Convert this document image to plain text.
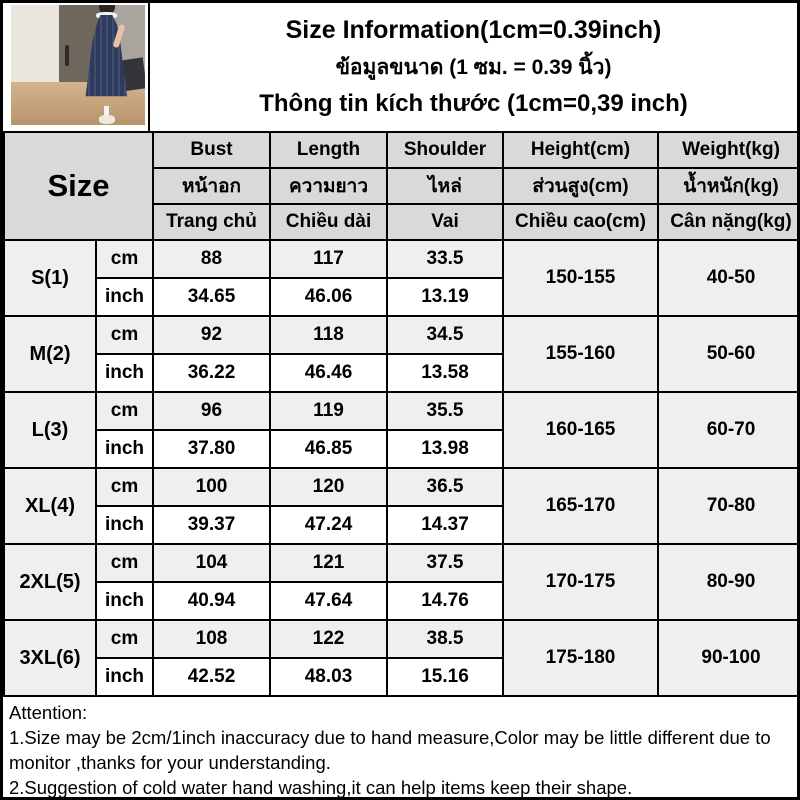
Size Information(1cm=0.39inch)
ข้อมูลขนาด (1 ซม. = 0.39 นิ้ว)
Thông tin kích thước (1cm=0,39 inch)
Size		Bust	Length	Shoulder	Height(cm)	Weight(kg)
		หน้าอก	ความยาว	ไหล่	ส่วนสูง(cm)	น้ำหนัก(kg)
		Trang chủ	Chiều dài	Vai	Chiều cao(cm)	Cân nặng(kg)
S(1)	cm	88	117	33.5	150-155	40-50
	inch	34.65	46.06	13.19		
M(2)	cm	92	118	34.5	155-160	50-60
	inch	36.22	46.46	13.58		
L(3)	cm	96	119	35.5	160-165	60-70
	inch	37.80	46.85	13.98		
XL(4)	cm	100	120	36.5	165-170	70-80
	inch	39.37	47.24	14.37		
2XL(5)	cm	104	121	37.5	170-175	80-90
	inch	40.94	47.64	14.76		
3XL(6)	cm	108	122	38.5	175-180	90-100
	inch	42.52	48.03	15.16		

Attention:

1.Size may be 2cm/1inch inaccuracy due to hand measure,Color may be little different due to monitor ,thanks for your understanding.

2.Suggestion of cold water hand washing,it can help items keep their shape.
